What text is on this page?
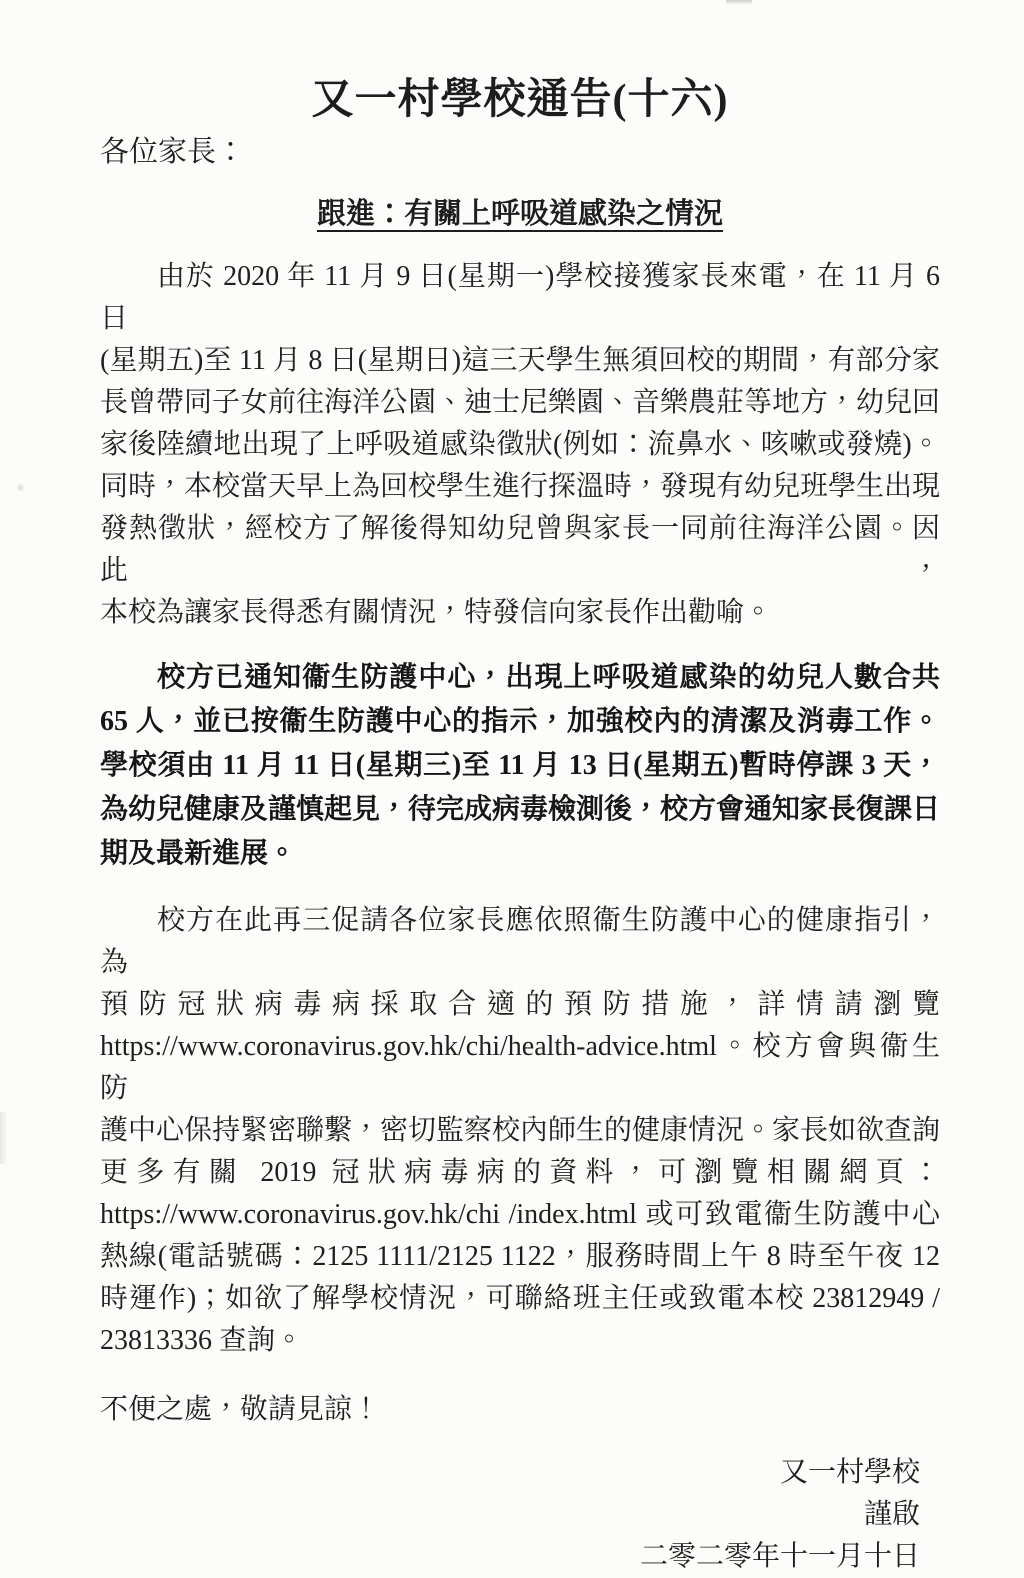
又一村學校通告(十六)
各位家長：
跟進：有關上呼吸道感染之情況
由於 2020 年 11 月 9 日(星期一)學校接獲家長來電，在 11 月 6 日
(星期五)至 11 月 8 日(星期日)這三天學生無須回校的期間，有部分家
長曾帶同子女前往海洋公園、迪士尼樂園、音樂農莊等地方，幼兒回
家後陸續地出現了上呼吸道感染徵狀(例如：流鼻水、咳嗽或發燒)。
同時，本校當天早上為回校學生進行探溫時，發現有幼兒班學生出現
發熱徵狀，經校方了解後得知幼兒曾與家長一同前往海洋公園。因此，
本校為讓家長得悉有關情況，特發信向家長作出勸喻。
校方已通知衞生防護中心，出現上呼吸道感染的幼兒人數合共
65 人，並已按衞生防護中心的指示，加強校內的清潔及消毒工作。
學校須由 11 月 11 日(星期三)至 11 月 13 日(星期五)暫時停課 3 天，
為幼兒健康及謹慎起見，待完成病毒檢測後，校方會通知家長復課日
期及最新進展。
校方在此再三促請各位家長應依照衞生防護中心的健康指引，為
預防冠狀病毒病採取合適的預防措施，詳情請瀏覽
https://www.coronavirus.gov.hk/chi/health-advice.html。校方會與衞生防
護中心保持緊密聯繫，密切監察校內師生的健康情況。家長如欲查詢
更多有關 2019 冠狀病毒病的資料，可瀏覽相關網頁：
https://www.coronavirus.gov.hk/chi /index.html 或可致電衞生防護中心
熱線(電話號碼：2125 1111/2125 1122，服務時間上午 8 時至午夜 12
時運作)；如欲了解學校情況，可聯絡班主任或致電本校 23812949 /
23813336 查詢。
不便之處，敬請見諒！
又一村學校
謹啟
二零二零年十一月十日
